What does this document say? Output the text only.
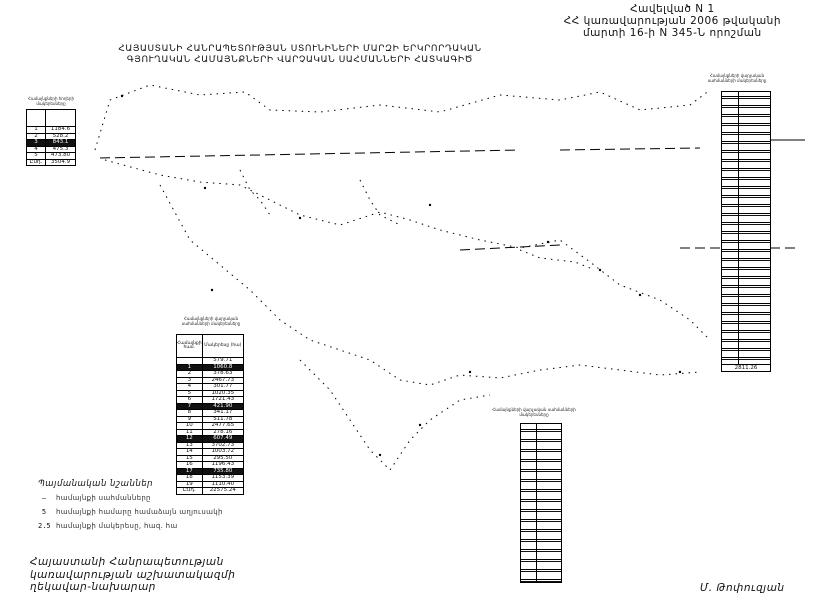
Հավելված N 1
ՀՀ կառավարության 2006 թվականի
մարտի 16-ի N 345-Ն որոշման
ՀԱՅԱՍՏԱՆԻ ՀԱՆՐԱՊԵՏՈՒԹՅԱՆ ՍՏՈՒՆԻՆԵՐԻ ՄԱՐԶԻ ԵՐԿՐՈՐԴԱԿԱՆ
ԳՅՈՒՂԱԿԱՆ ՀԱՄԱՅՆՔՆԵՐԻ ՎԱՐՉԱԿԱՆ ՍԱՀՄԱՆՆԵՐԻ ՀԱՏԿԱԳԻԾ
Համայնքների հողերի մակերեսները

1	1184.6
2	528.2
3	843.1
4	475.3
5	473.80
Ընդ.	3504.9
Համայնքների վարչական սահմանների մակերեսները
Համայնքի համ.	Մակերեսը (հա)
	579.71
1	1060.8
2	378.63
3	2467.73
4	301.77
5	1020.35
6	1721.43
7	421.90
8	341.17
9	511.78
10	2477.65
11	278.16
12	607.49
13	3702.73
14	1003.72
15	295.50
16	1196.43
17	735.80
18	1153.39
19	1110.40
Ընդ.	22575.24
Համայնքների վարչական սահմանների մակերեսները
2811.26
Համայնքների վարչական սահմանների մակերեսները
Պայմանական նշաններ
—	համայնքի սահմանները
5	համայնքի համարը համաձայն աղյուսակի
2.5 համայնքի մակերեսը, հազ. հա
Հայաստանի Հանրապետության
կառավարության աշխատակազմի
ղեկավար-նախարար	Մ. Թոփուզյան
